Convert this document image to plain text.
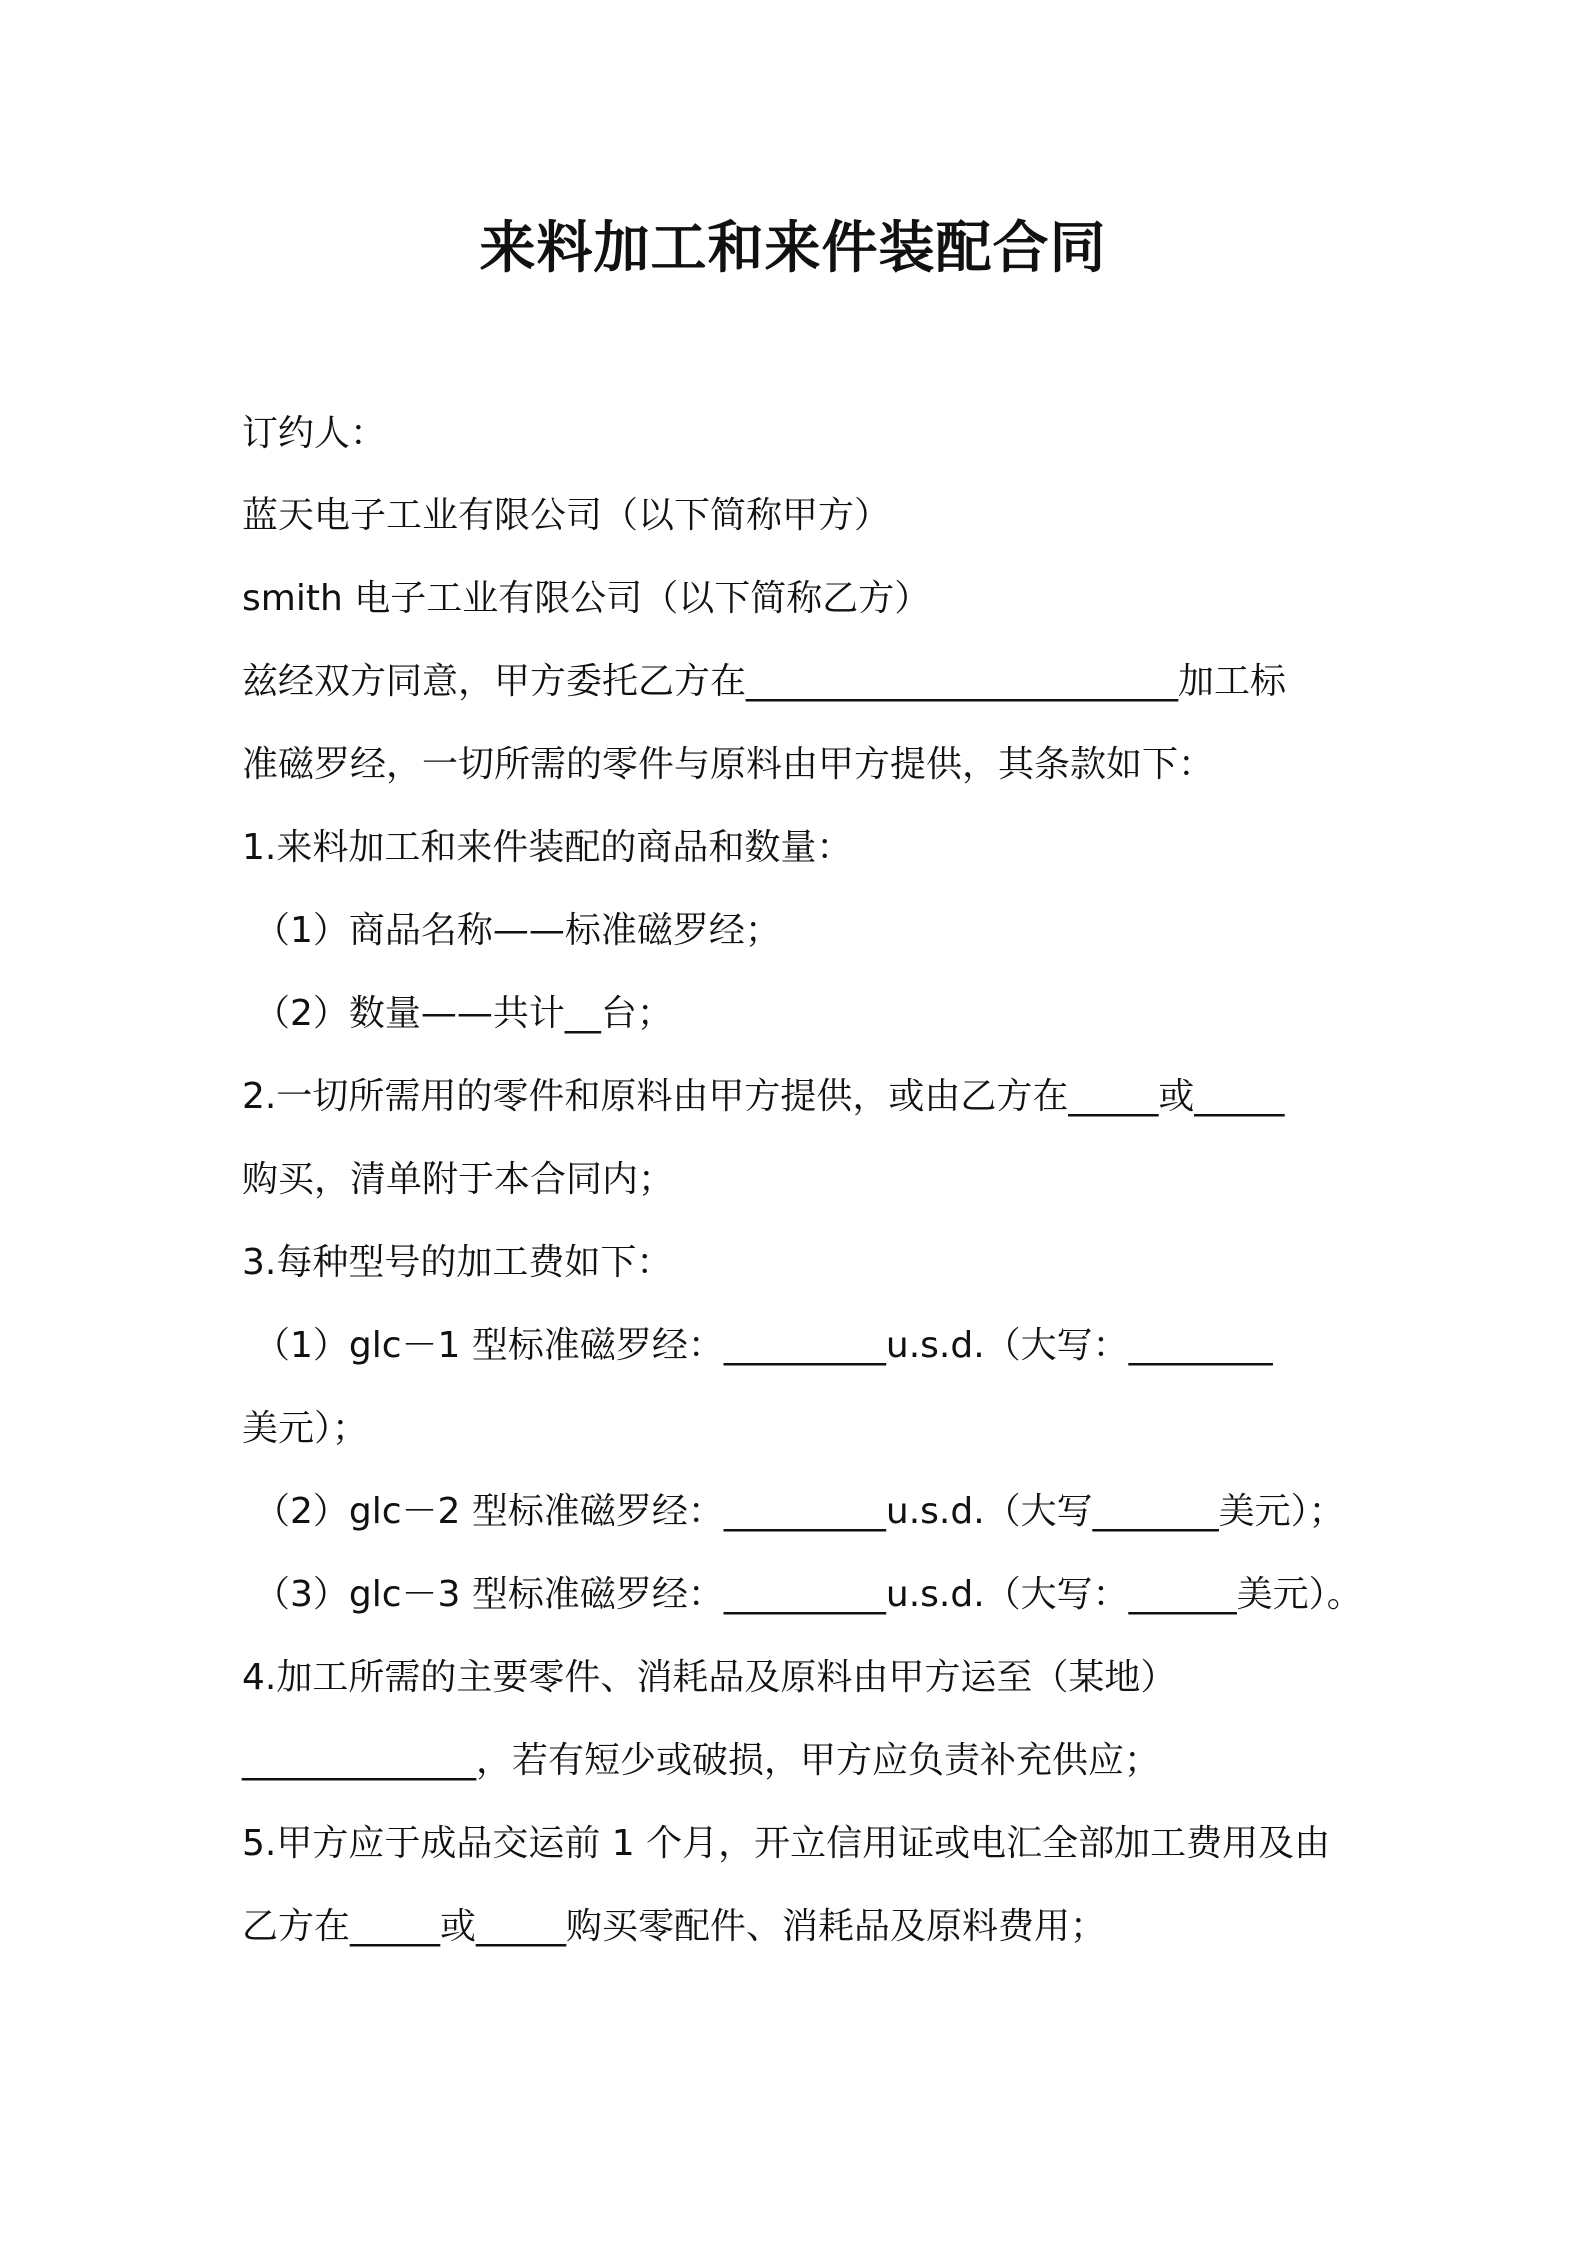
来料加工和来件装配合同
订约人：
蓝天电子工业有限公司（以下简称甲方）
smith 电子工业有限公司（以下简称乙方）
兹经双方同意，甲方委托乙方在________________________加工标
准磁罗经，一切所需的零件与原料由甲方提供，其条款如下：
1.来料加工和来件装配的商品和数量：
（1）商品名称——标准磁罗经；
（2）数量——共计__台；
2.一切所需用的零件和原料由甲方提供，或由乙方在_____或_____
购买，清单附于本合同内；
3.每种型号的加工费如下：
（1）glc－1 型标准磁罗经：_________u.s.d.（大写：________
美元）；
（2）glc－2 型标准磁罗经：_________u.s.d.（大写_______美元）；
（3）glc－3 型标准磁罗经：_________u.s.d.（大写：______美元）。
4.加工所需的主要零件、消耗品及原料由甲方运至（某地）
_____________，若有短少或破损，甲方应负责补充供应；
5.甲方应于成品交运前 1 个月，开立信用证或电汇全部加工费用及由
乙方在_____或_____购买零配件、消耗品及原料费用；
